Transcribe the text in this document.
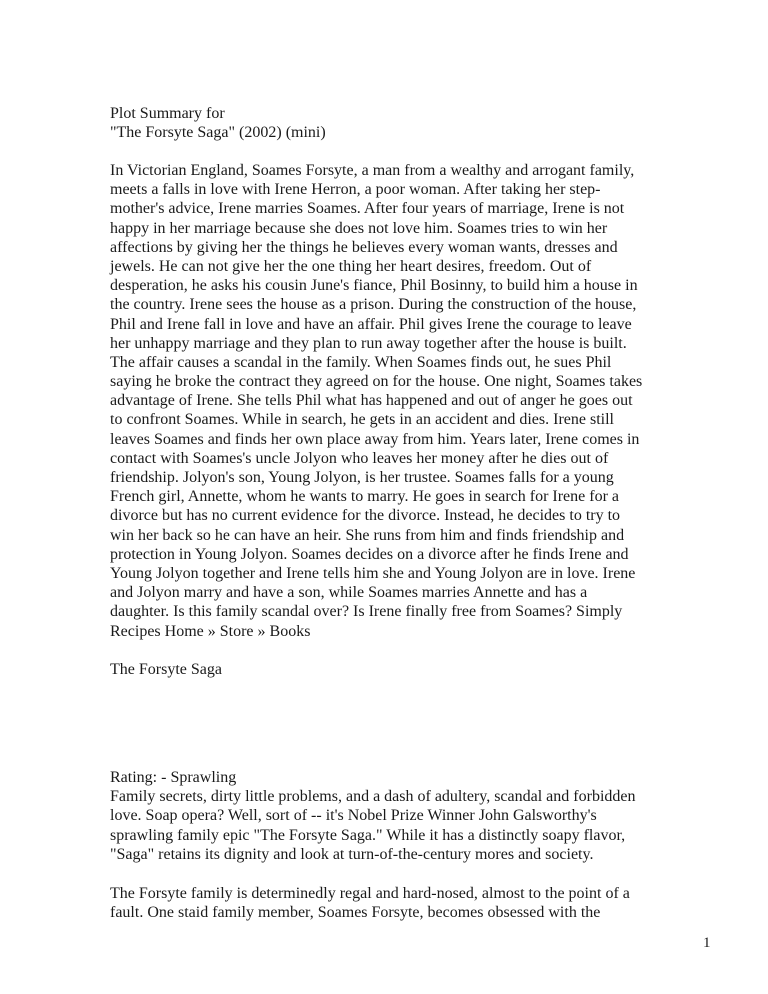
Plot Summary for
"The Forsyte Saga" (2002) (mini)
In Victorian England, Soames Forsyte, a man from a wealthy and arrogant family,
meets a falls in love with Irene Herron, a poor woman. After taking her step-
mother's advice, Irene marries Soames. After four years of marriage, Irene is not
happy in her marriage because she does not love him. Soames tries to win her
affections by giving her the things he believes every woman wants, dresses and
jewels. He can not give her the one thing her heart desires, freedom. Out of
desperation, he asks his cousin June's fiance, Phil Bosinny, to build him a house in
the country. Irene sees the house as a prison. During the construction of the house,
Phil and Irene fall in love and have an affair. Phil gives Irene the courage to leave
her unhappy marriage and they plan to run away together after the house is built.
The affair causes a scandal in the family. When Soames finds out, he sues Phil
saying he broke the contract they agreed on for the house. One night, Soames takes
advantage of Irene. She tells Phil what has happened and out of anger he goes out
to confront Soames. While in search, he gets in an accident and dies. Irene still
leaves Soames and finds her own place away from him. Years later, Irene comes in
contact with Soames's uncle Jolyon who leaves her money after he dies out of
friendship. Jolyon's son, Young Jolyon, is her trustee. Soames falls for a young
French girl, Annette, whom he wants to marry. He goes in search for Irene for a
divorce but has no current evidence for the divorce. Instead, he decides to try to
win her back so he can have an heir. She runs from him and finds friendship and
protection in Young Jolyon. Soames decides on a divorce after he finds Irene and
Young Jolyon together and Irene tells him she and Young Jolyon are in love. Irene
and Jolyon marry and have a son, while Soames marries Annette and has a
daughter. Is this family scandal over? Is Irene finally free from Soames? Simply
Recipes Home » Store » Books
The Forsyte Saga
Rating: - Sprawling
Family secrets, dirty little problems, and a dash of adultery, scandal and forbidden
love. Soap opera? Well, sort of -- it's Nobel Prize Winner John Galsworthy's
sprawling family epic "The Forsyte Saga." While it has a distinctly soapy flavor,
"Saga" retains its dignity and look at turn-of-the-century mores and society.
The Forsyte family is determinedly regal and hard-nosed, almost to the point of a
fault. One staid family member, Soames Forsyte, becomes obsessed with the
1
